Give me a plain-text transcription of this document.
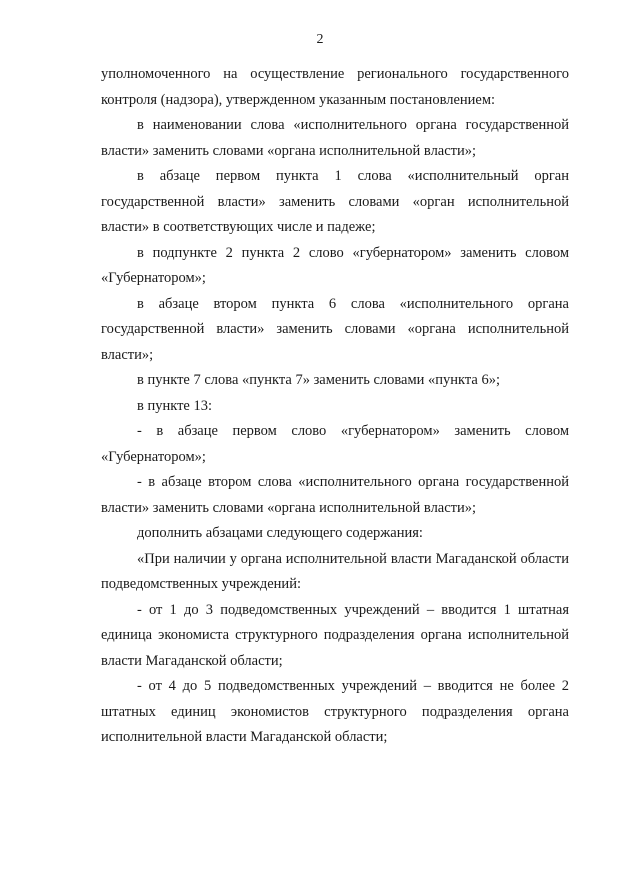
2

уполномоченного на осуществление регионального государственного контроля (надзора), утвержденном указанным постановлением:

в наименовании слова «исполнительного органа государственной власти» заменить словами «органа исполнительной власти»;

в абзаце первом пункта 1 слова «исполнительный орган государственной власти» заменить словами «орган исполнительной власти» в соответствующих числе и падеже;

в подпункте 2 пункта 2 слово «губернатором» заменить словом «Губернатором»;

в абзаце втором пункта 6 слова «исполнительного органа государственной власти» заменить словами «органа исполнительной власти»;

в пункте 7 слова «пункта 7» заменить словами «пункта 6»;

в пункте 13:

- в абзаце первом слово «губернатором» заменить словом «Губернатором»;

- в абзаце втором слова «исполнительного органа государственной власти» заменить словами «органа исполнительной власти»;

дополнить абзацами следующего содержания:

«При наличии у органа исполнительной власти Магаданской области подведомственных учреждений:

- от 1 до 3 подведомственных учреждений – вводится 1 штатная единица экономиста структурного подразделения органа исполнительной власти Магаданской области;

- от 4 до 5 подведомственных учреждений – вводится не более 2 штатных единиц экономистов структурного подразделения органа исполнительной власти Магаданской области;
